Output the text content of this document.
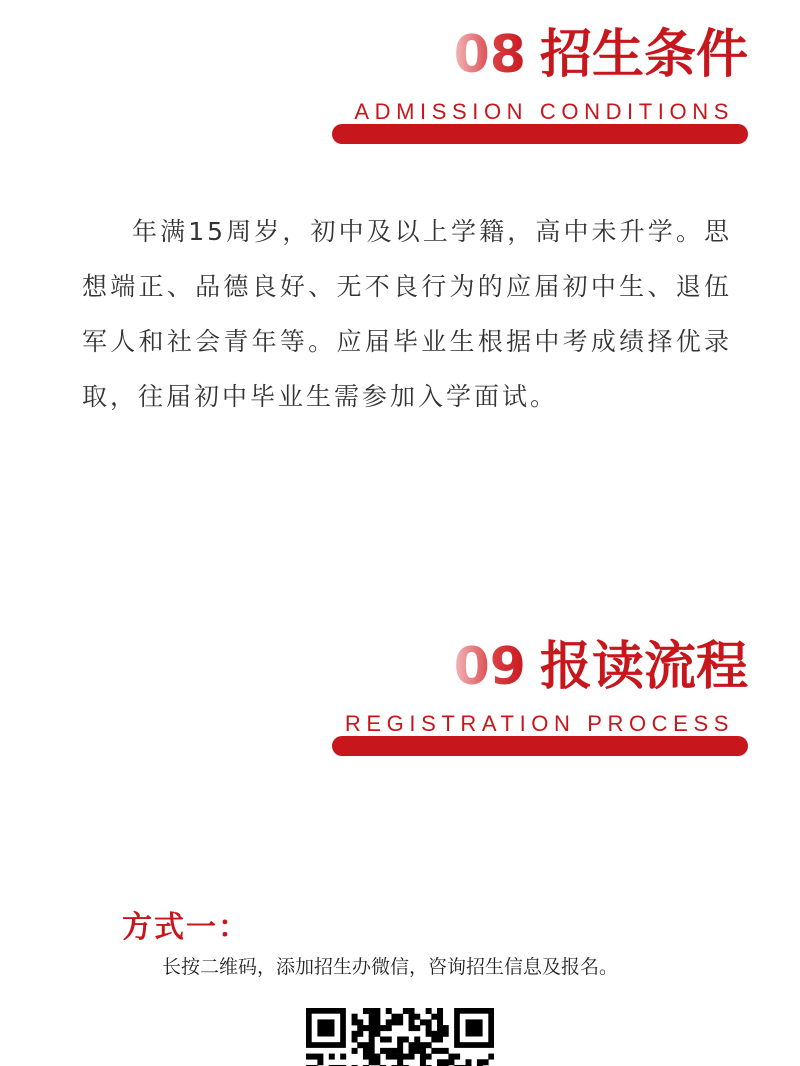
08 招生条件
ADMISSION CONDITIONS

年满15周岁，初中及以上学籍，高中未升学。思想端正、品德良好、无不良行为的应届初中生、退伍军人和社会青年等。应届毕业生根据中考成绩择优录取，往届初中毕业生需参加入学面试。

09 报读流程
REGISTRATION PROCESS
方式一：
长按二维码，添加招生办微信，咨询招生信息及报名。
